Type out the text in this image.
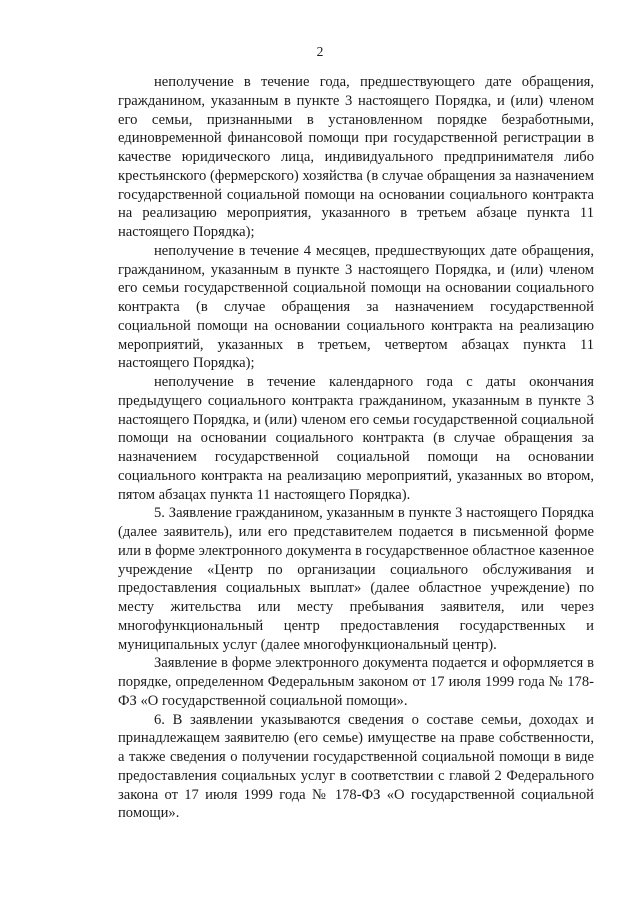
2

неполучение в течение года, предшествующего дате обращения, гражданином, указанным в пункте 3 настоящего Порядка, и (или) членом его семьи, признанными в установленном порядке безработными, единовременной финансовой помощи при государственной регистрации в качестве юридического лица, индивидуального предпринимателя либо крестьянского (фермерского) хозяйства (в случае обращения за назначением государственной социальной помощи на основании социального контракта на реализацию мероприятия, указанного в третьем абзаце пункта 11 настоящего Порядка);

неполучение в течение 4 месяцев, предшествующих дате обращения, гражданином, указанным в пункте 3 настоящего Порядка, и (или) членом его семьи государственной социальной помощи на основании социального контракта (в случае обращения за назначением государственной социальной помощи на основании социального контракта на реализацию мероприятий, указанных в третьем, четвертом абзацах пункта 11 настоящего Порядка);

неполучение в течение календарного года с даты окончания предыдущего социального контракта гражданином, указанным в пункте 3 настоящего Порядка, и (или) членом его семьи государственной социальной помощи на основании социального контракта (в случае обращения за назначением государственной социальной помощи на основании социального контракта на реализацию мероприятий, указанных во втором, пятом абзацах пункта 11 настоящего Порядка).

5. Заявление гражданином, указанным в пункте 3 настоящего Порядка (далее заявитель), или его представителем подается в письменной форме или в форме электронного документа в государственное областное казенное учреждение «Центр по организации социального обслуживания и предоставления социальных выплат» (далее областное учреждение) по месту жительства или месту пребывания заявителя, или через многофункциональный центр предоставления государственных и муниципальных услуг (далее многофункциональный центр).

Заявление в форме электронного документа подается и оформляется в порядке, определенном Федеральным законом от 17 июля 1999 года № 178-ФЗ «О государственной социальной помощи».

6. В заявлении указываются сведения о составе семьи, доходах и принадлежащем заявителю (его семье) имуществе на праве собственности, а также сведения о получении государственной социальной помощи в виде предоставления социальных услуг в соответствии с главой 2 Федерального закона от 17 июля 1999 года № 178-ФЗ «О государственной социальной помощи».
